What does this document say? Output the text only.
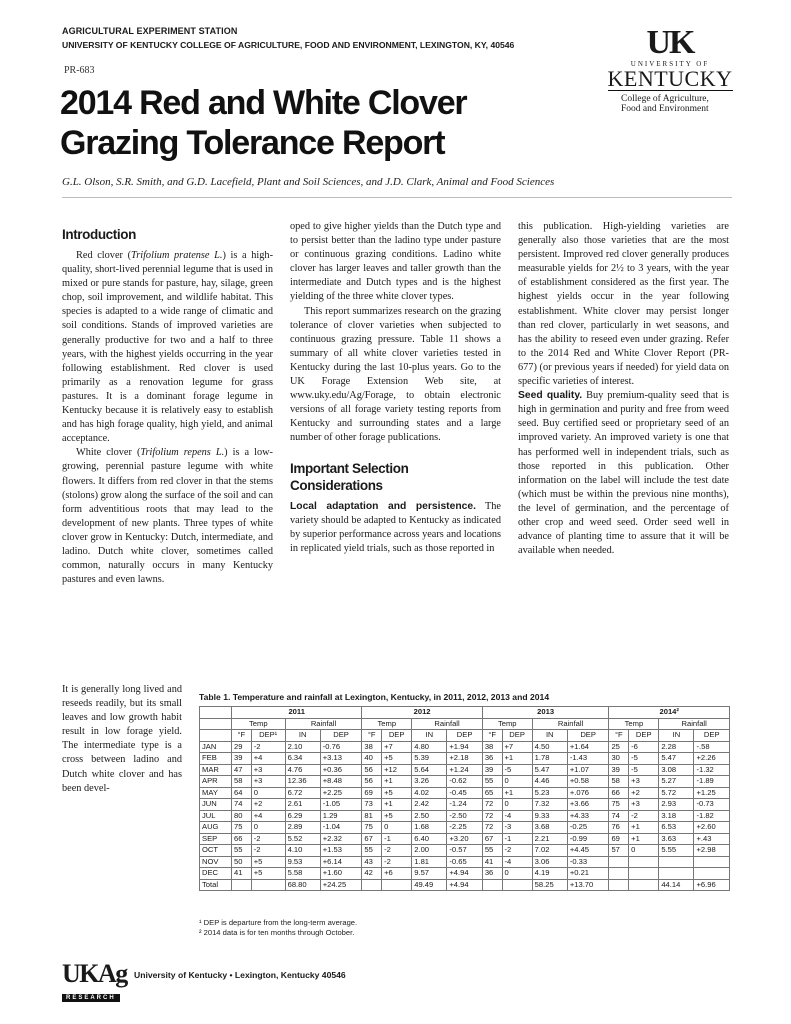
AGRICULTURAL EXPERIMENT STATION
UNIVERSITY OF KENTUCKY COLLEGE OF AGRICULTURE, FOOD AND ENVIRONMENT, LEXINGTON, KY, 40546
PR-683
UK
UNIVERSITY OF
KENTUCKY
College of Agriculture,
Food and Environment
2014 Red and White Clover
Grazing Tolerance Report
G.L. Olson, S.R. Smith, and G.D. Lacefield, Plant and Soil Sciences, and J.D. Clark, Animal and Food Sciences
Introduction

Red clover (Trifolium pratense L.) is a high-quality, short-lived perennial legume that is used in mixed or pure stands for pasture, hay, silage, green chop, soil improvement, and wildlife habitat. This species is adapted to a wide range of climatic and soil conditions. Stands of improved varieties are generally productive for two and a half to three years, with the highest yields occurring in the year following establishment. Red clover is used primarily as a renovation legume for grass pastures. It is a dominant forage legume in Kentucky because it is relatively easy to establish and has high forage quality, high yield, and animal acceptance.

White clover (Trifolium repens L.) is a low-growing, perennial pasture legume with white flowers. It differs from red clover in that the stems (stolons) grow along the surface of the soil and can form adventitious roots that may lead to the development of new plants. Three types of white clover grow in Kentucky: Dutch, intermediate, and ladino. Dutch white clover, sometimes called common, naturally occurs in many Kentucky pastures and even lawns.

It is generally long lived and reseeds readily, but its small leaves and low growth habit result in low forage yield. The intermediate type is a cross between ladino and Dutch white clover and has been devel-

oped to give higher yields than the Dutch type and to persist better than the ladino type under pasture or continuous grazing conditions. Ladino white clover has larger leaves and taller growth than the intermediate and Dutch types and is the highest yielding of the three white clover types.

This report summarizes research on the grazing tolerance of clover varieties when subjected to continuous grazing pressure. Table 11 shows a summary of all white clover varieties tested in Kentucky during the last 10-plus years. Go to the UK Forage Extension Web site, at www.uky.edu/Ag/Forage, to obtain electronic versions of all forage variety testing reports from Kentucky and surrounding states and a large number of other forage publications.

Important Selection
Considerations

Local adaptation and persistence. The variety should be adapted to Kentucky as indicated by superior performance across years and locations in replicated yield trials, such as those reported in

this publication. High-yielding varieties are generally also those varieties that are the most persistent. Improved red clover generally produces measurable yields for 2½ to 3 years, with the year of establishment considered as the first year. The highest yields occur in the year following establishment. White clover may persist longer than red clover, particularly in wet seasons, and has the ability to reseed even under grazing. Refer to the 2014 Red and White Clover Report (PR-677) (or previous years if needed) for yield data on specific varieties of interest.

Seed quality. Buy premium-quality seed that is high in germination and purity and free from weed seed. Buy certified seed or proprietary seed of an improved variety. An improved variety is one that has performed well in independent trials, such as those reported in this publication. Other information on the label will include the test date (which must be within the previous nine months), the level of germination, and the percentage of other crop and weed seed. Order seed well in advance of planting time to assure that it will be available when needed.

Table 1. Temperature and rainfall at Lexington, Kentucky, in 2011, 2012, 2013 and 2014
	2011				2012				2013				2014²			
	Temp		Rainfall		Temp		Rainfall		Temp		Rainfall		Temp		Rainfall	
	°F	DEP¹	IN	DEP	°F	DEP	IN	DEP	°F	DEP	IN	DEP	°F	DEP	IN	DEP
JAN	29	-2	2.10	-0.76	38	+7	4.80	+1.94	38	+7	4.50	+1.64	25	-6	2.28	-.58
FEB	39	+4	6.34	+3.13	40	+5	5.39	+2.18	36	+1	1.78	-1.43	30	-5	5.47	+2.26
MAR	47	+3	4.76	+0.36	56	+12	5.64	+1.24	39	-5	5.47	+1.07	39	-5	3.08	-1.32
APR	58	+3	12.36	+8.48	56	+1	3.26	-0.62	55	0	4.46	+0.58	58	+3	5.27	-1.89
MAY	64	0	6.72	+2.25	69	+5	4.02	-0.45	65	+1	5.23	+.076	66	+2	5.72	+1.25
JUN	74	+2	2.61	-1.05	73	+1	2.42	-1.24	72	0	7.32	+3.66	75	+3	2.93	-0.73
JUL	80	+4	6.29	1.29	81	+5	2.50	-2.50	72	-4	9.33	+4.33	74	-2	3.18	-1.82
AUG	75	0	2.89	-1.04	75	0	1.68	-2.25	72	-3	3.68	-0.25	76	+1	6.53	+2.60
SEP	66	-2	5.52	+2.32	67	-1	6.40	+3.20	67	-1	2.21	-0.99	69	+1	3.63	+.43
OCT	55	-2	4.10	+1.53	55	-2	2.00	-0.57	55	-2	7.02	+4.45	57	0	5.55	+2.98
NOV	50	+5	9.53	+6.14	43	-2	1.81	-0.65	41	-4	3.06	-0.33				
DEC	41	+5	5.58	+1.60	42	+6	9.57	+4.94	36	0	4.19	+0.21				
Total			68.80	+24.25			49.49	+4.94			58.25	+13.70			44.14	+6.96
¹ DEP is departure from the long-term average.
² 2014 data is for ten months through October.
UKAg
RESEARCH
University of Kentucky • Lexington, Kentucky 40546
